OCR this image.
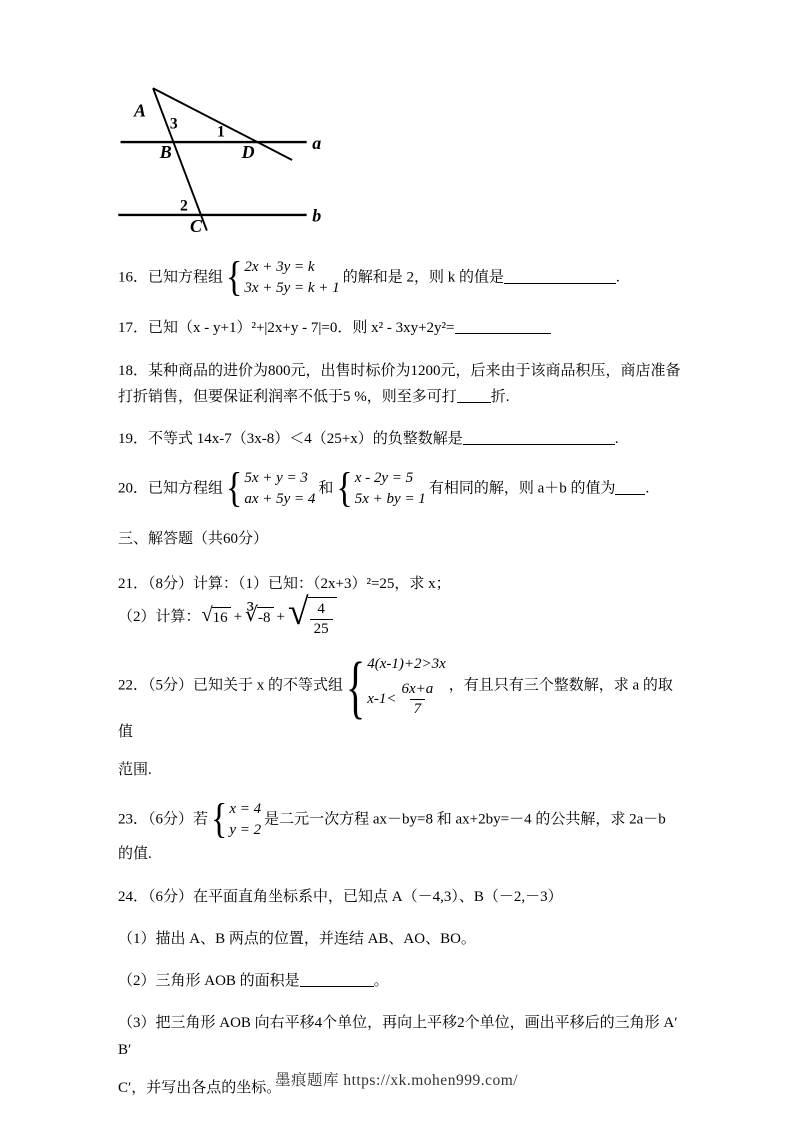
A
B
C
D	a
b
3	1
2

16．已知方程组 { 2x + 3y = k
3x + 5y = k + 1
的解和是 2，则 k 的值是	.

17．已知（x - y+1）²+|2x+y - 7|=0．则 x² - 3xy+2y²=

18．某种商品的进价为800元，出售时标价为1200元，后来由于该商品积压，商店准备打折销售，但要保证利润率不低于5 %，则至多可打 折.

19．不等式 14x-7（3x-8）＜4（25+x）的负整数解是	.

20．已知方程组 { 5x + y = 3
ax + 5y = 4
和 { x - 2y = 5
5x + by = 1
有相同的解，则 a＋b 的值为 .

三、解答题（共60分）

21．（8分）计算：（1）已知：（2x+3）²=25，求 x；
（2）计算： √ 16 + ∛ -8 + √ $\frac{4}{25}$

22．（5分）已知关于 x 的不等式组 { 4(x-1)+2>3x
$x-1< \frac{6x+a}{7}$ ，有且只有三个整数解，求 a 的取值

范围.

23．（6分）若 { x = 4
y = 2
是二元一次方程 ax－by=8 和 ax+2by=－4 的公共解，求 2a－b 的值.

24．（6分）在平面直角坐标系中，已知点 A（－4,3）、B（－2,－3）

（1）描出 A、B 两点的位置，并连结 AB、AO、BO。

（2）三角形 AOB 的面积是	。

（3）把三角形 AOB 向右平移4个单位，再向上平移2个单位，画出平移后的三角形 A′ B′

C′，并写出各点的坐标。

墨痕题库 https://xk.mohen999.com/
